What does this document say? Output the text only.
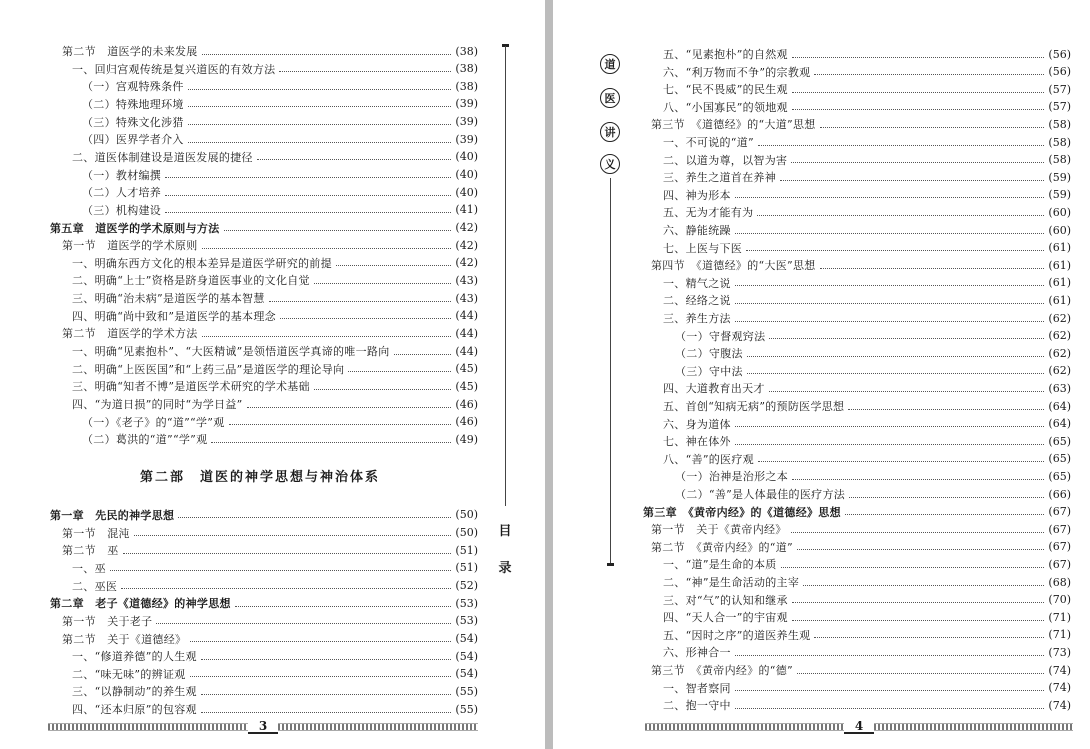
第二节　道医学的未来发展	(38)
一、回归宫观传统是复兴道医的有效方法	(38)
（一）宫观特殊条件	(38)
（二）特殊地理环境	(39)
（三）特殊文化涉猎	(39)
（四）医界学者介入	(39)
二、道医体制建设是道医发展的捷径	(40)
（一）教材编撰	(40)
（二）人才培养	(40)
（三）机构建设	(41)
第五章　道医学的学术原则与方法	(42)
第一节　道医学的学术原则	(42)
一、明确东西方文化的根本差异是道医学研究的前提	(42)
二、明确“上士”资格是跻身道医事业的文化自觉	(43)
三、明确“治未病”是道医学的基本智慧	(43)
四、明确“尚中致和”是道医学的基本理念	(44)
第二节　道医学的学术方法	(44)
一、明确“见素抱朴”、“大医精诚”是领悟道医学真谛的唯一路向	(44)
二、明确“上医医国”和“上药三品”是道医学的理论导向	(45)
三、明确“知者不博”是道医学术研究的学术基础	(45)
四、“为道日损”的同时“为学日益”	(46)
（一）《老子》的“道”“学”观	(46)
（二）葛洪的“道”“学”观	(49)
第一章　先民的神学思想	(50)
第一节　混沌	(50)
第二节　巫	(51)
一、巫	(51)
二、巫医	(52)
第二章　老子《道德经》的神学思想	(53)
第一节　关于老子	(53)
第二节　关于《道德经》	(54)
一、“修道养德”的人生观	(54)
二、“味无味”的辨证观	(54)
三、“以静制动”的养生观	(55)
四、“还本归原”的包容观	(55)
第二部　道医的神学思想与神治体系
目
录
3
五、“见素抱朴”的自然观	(56)
六、“利万物而不争”的宗教观	(56)
七、“民不畏威”的民生观	(57)
八、“小国寡民”的领地观	(57)
第三节　《道德经》的“大道”思想	(58)
一、不可说的“道”	(58)
二、以道为尊，以智为害	(58)
三、养生之道首在养神	(59)
四、神为形本	(59)
五、无为才能有为	(60)
六、静能统躁	(60)
七、上医与下医	(61)
第四节　《道德经》的“大医”思想	(61)
一、精气之说	(61)
二、经络之说	(61)
三、养生方法	(62)
（一）守督观窍法	(62)
（二）守腹法	(62)
（三）守中法	(62)
四、大道教育出天才	(63)
五、首创“知病无病”的预防医学思想	(64)
六、身为道体	(64)
七、神在体外	(65)
八、“善”的医疗观	(65)
（一）治神是治形之本	(65)
（二）“善”是人体最佳的医疗方法	(66)
第三章　《黄帝内经》的《道德经》思想	(67)
第一节　关于《黄帝内经》	(67)
第二节　《黄帝内经》的“道”	(67)
一、“道”是生命的本质	(67)
二、“神”是生命活动的主宰	(68)
三、对“气”的认知和继承	(70)
四、“天人合一”的宇宙观	(71)
五、“因时之序”的道医养生观	(71)
六、形神合一	(73)
第三节　《黄帝内经》的“德”	(74)
一、智者察同	(74)
二、抱一守中	(74)
道
医
讲
义
4
